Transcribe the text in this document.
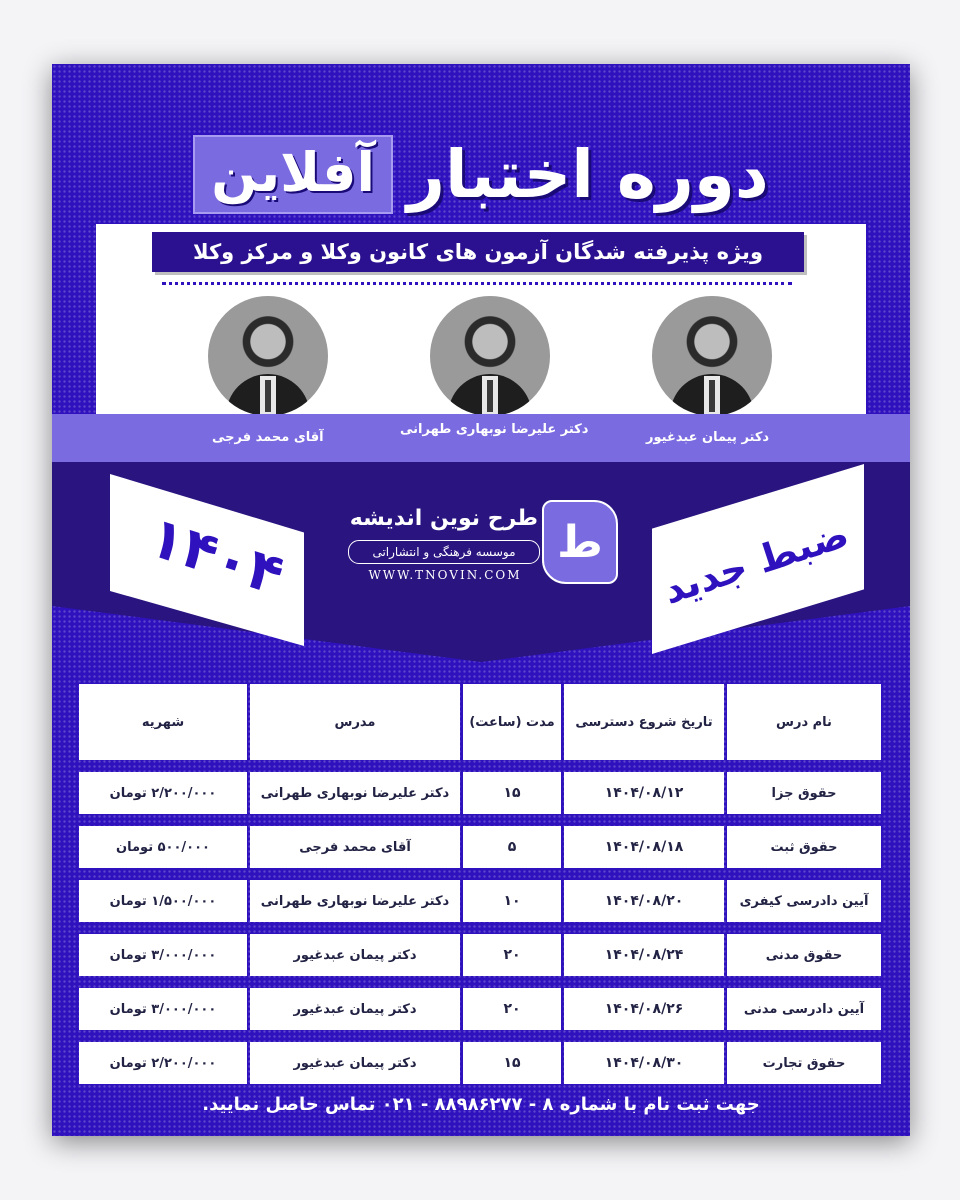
دوره اختبار
آفلاین
ویژه پذیرفته شدگان آزمون های کانون وکلا و مرکز وکلا
دکتر پیمان عبدغیور
دکتر علیرضا نوبهاری طهرانی
آقای محمد فرجی
۱۴۰۴	ضبط جدید
ط
طرح نوین اندیشه
موسسه فرهنگی و انتشاراتی
WWW.TNOVIN.COM
نام درس	تاریخ شروع دسترسی	مدت (ساعت)	مدرس	شهریه
حقوق جزا	۱۴۰۴/۰۸/۱۲	۱۵	دکتر علیرضا نوبهاری طهرانی	۲/۲۰۰/۰۰۰ تومان
حقوق ثبت	۱۴۰۴/۰۸/۱۸	۵	آقای محمد فرجی	۵۰۰/۰۰۰ تومان
آیین دادرسی کیفری	۱۴۰۴/۰۸/۲۰	۱۰	دکتر علیرضا نوبهاری طهرانی	۱/۵۰۰/۰۰۰ تومان
حقوق مدنی	۱۴۰۴/۰۸/۲۴	۲۰	دکتر پیمان عبدغیور	۳/۰۰۰/۰۰۰ تومان
آیین دادرسی مدنی	۱۴۰۴/۰۸/۲۶	۲۰	دکتر پیمان عبدغیور	۳/۰۰۰/۰۰۰ تومان
حقوق تجارت	۱۴۰۴/۰۸/۳۰	۱۵	دکتر پیمان عبدغیور	۲/۲۰۰/۰۰۰ تومان
جهت ثبت نام با شماره ۸ - ۸۸۹۸۶۲۷۷ - ۰۲۱ تماس حاصل نمایید.
